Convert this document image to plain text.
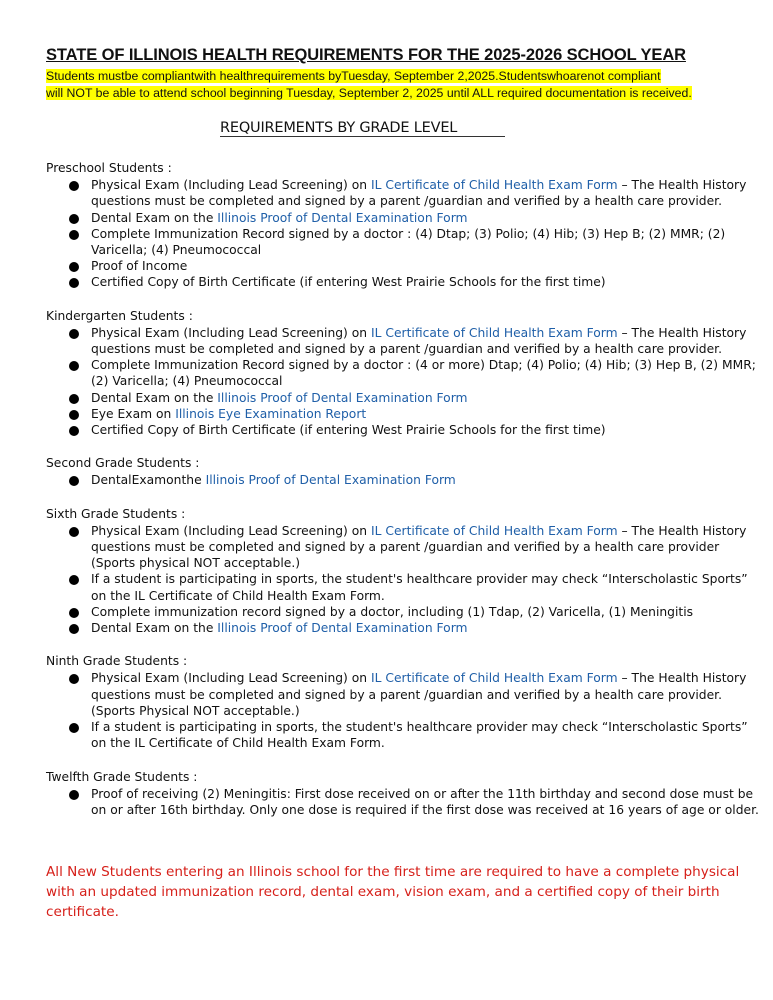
STATE OF ILLINOIS HEALTH REQUIREMENTS FOR THE 2025-2026 SCHOOL YEAR
Students mustbe compliantwith healthrequirements byTuesday, September 2,2025.Studentswhoarenot compliant
will NOT be able to attend school beginning Tuesday, September 2, 2025 until ALL required documentation is received.
REQUIREMENTS BY GRADE LEVEL
Preschool Students :
Physical Exam (Including Lead Screening) on IL Certificate of Child Health Exam Form – The Health History questions must be completed and signed by a parent /guardian and verified by a health care provider.
Dental Exam on the Illinois Proof of Dental Examination Form
Complete Immunization Record signed by a doctor : (4) Dtap; (3) Polio; (4) Hib; (3) Hep B; (2) MMR; (2) Varicella; (4) Pneumococcal
Proof of Income
Certified Copy of Birth Certificate (if entering West Prairie Schools for the first time)
Kindergarten Students :
Physical Exam (Including Lead Screening) on IL Certificate of Child Health Exam Form – The Health History questions must be completed and signed by a parent /guardian and verified by a health care provider.
Complete Immunization Record signed by a doctor : (4 or more) Dtap; (4) Polio; (4) Hib; (3) Hep B, (2) MMR; (2) Varicella; (4) Pneumococcal
Dental Exam on the Illinois Proof of Dental Examination Form
Eye Exam on Illinois Eye Examination Report
Certified Copy of Birth Certificate (if entering West Prairie Schools for the first time)
Second Grade Students :
DentalExamonthe Illinois Proof of Dental Examination Form
Sixth Grade Students :
Physical Exam (Including Lead Screening) on IL Certificate of Child Health Exam Form – The Health History questions must be completed and signed by a parent /guardian and verified by a health care provider (Sports physical NOT acceptable.)
If a student is participating in sports, the student's healthcare provider may check “Interscholastic Sports” on the IL Certificate of Child Health Exam Form.
Complete immunization record signed by a doctor, including (1) Tdap, (2) Varicella, (1) Meningitis
Dental Exam on the Illinois Proof of Dental Examination Form
Ninth Grade Students :
Physical Exam (Including Lead Screening) on IL Certificate of Child Health Exam Form – The Health History questions must be completed and signed by a parent /guardian and verified by a health care provider. (Sports Physical NOT acceptable.)
If a student is participating in sports, the student's healthcare provider may check “Interscholastic Sports” on the IL Certificate of Child Health Exam Form.
Twelfth Grade Students :
Proof of receiving (2) Meningitis: First dose received on or after the 11th birthday and second dose must be on or after 16th birthday. Only one dose is required if the first dose was received at 16 years of age or older.
All New Students entering an Illinois school for the first time are required to have a complete physical with an updated immunization record, dental exam, vision exam, and a certified copy of their birth certificate.
